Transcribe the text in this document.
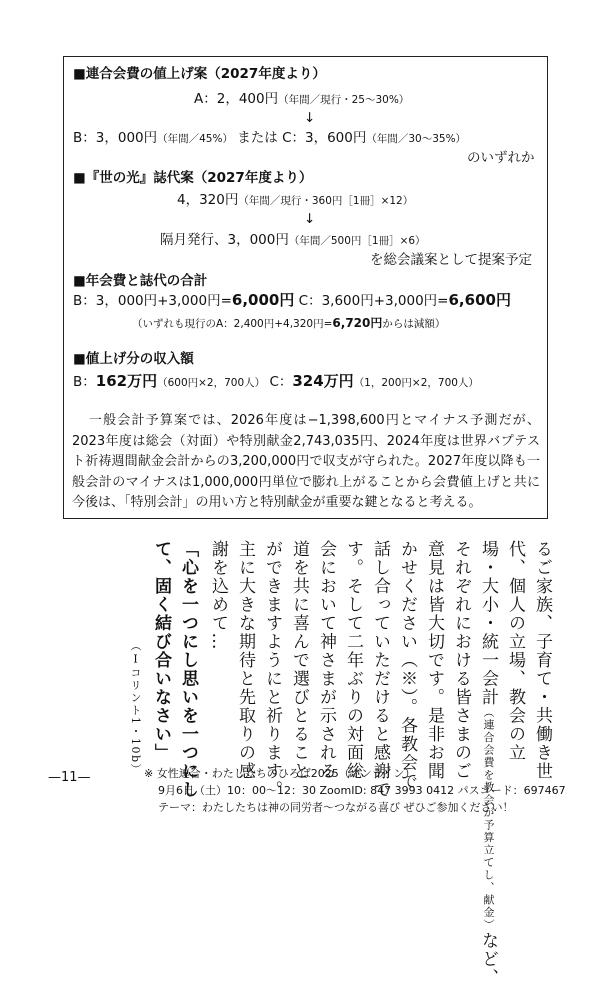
■連合会費の値上げ案（2027年度より）
A：2，400円（年間／現行・25～30%）
↓
B：3，000円（年間／45%） または C：3，600円（年間／30～35%）
のいずれか
■『世の光』誌代案（2027年度より）
4，320円（年間／現行・360円［1冊］×12）
↓
隔月発行、3，000円（年間／500円［1冊］×6）
を総会議案として提案予定
■年会費と誌代の合計
B：3，000円+3,000円=6,000円 C：3,600円+3,000円=6,600円
（いずれも現行のA：2,400円+4,320円=6,720円からは減額）
■値上げ分の収入額
B：162万円（600円×2，700人） C：324万円（1，200円×2，700人）
一般会計予算案では、2026年度は−1,398,600円とマイナス予測だが、2023年度は総会（対面）や特別献金2,743,035円、2024年度は世界バプテスト祈祷週間献金会計からの3,200,000円で収支が守られた。2027年度以降も一般会計のマイナスは1,000,000円単位で膨れ上がることから会費値上げと共に今後は、「特別会計」の用い方と特別献金が重要な鍵となると考える。
るご家族、子育て・共働き世
代、個人の立場、教会の立
場・大小・統一会計（連合会費を教会が予算立てし、献金）など、
それぞれにおける皆さまのご
意見は皆大切です。是非お聞
かせください（※）。各教会で
話し合っていただけると感謝で
す。そして二年ぶりの対面総
会において神さまが示される
道を共に喜んで選びとること
ができますようにと祈ります。
主に大きな期待と先取りの感
謝を込めて…
「心を一つにし思いを一つにし
て、固く結び合いなさい」
（Ⅰコリント1・10b） ※ 女性連合・わたしたちのひろば2025（オンライン）
9月6日（土）10：00～12：30 ZoomID: 847 3993 0412 パスコード：697467
テーマ：わたしたちは神の同労者～つながる喜び ぜひご参加ください！
—11—
